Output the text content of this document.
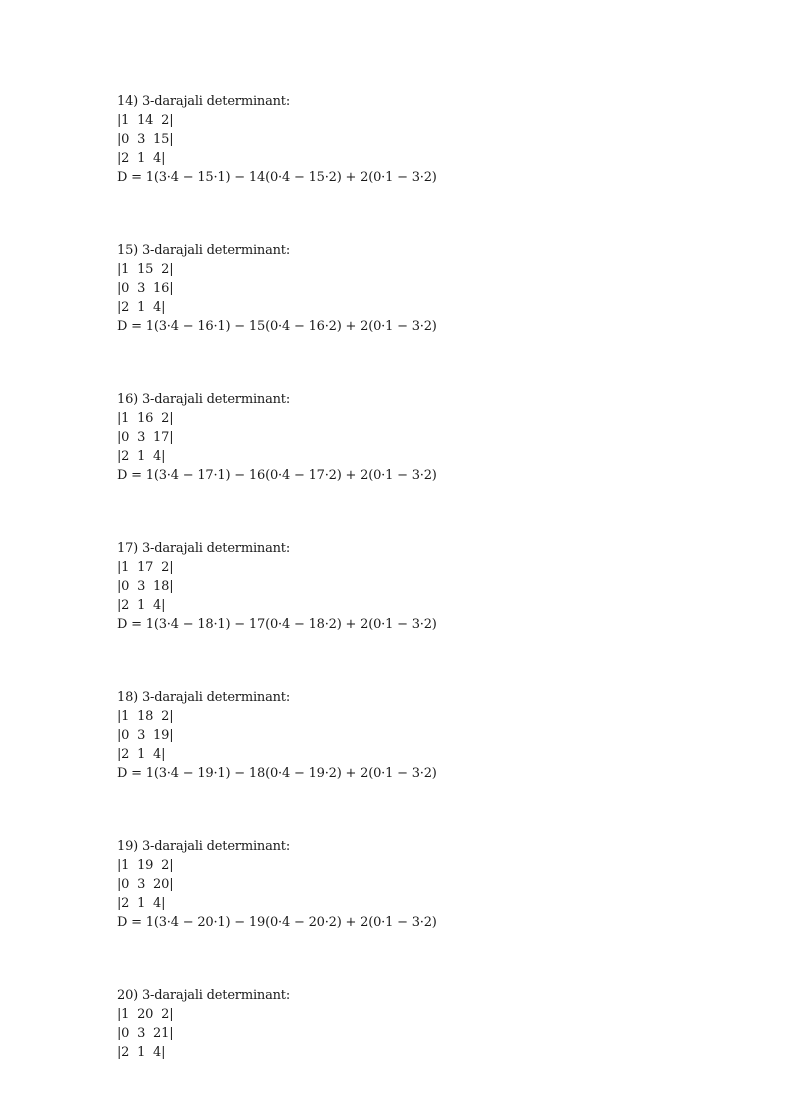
14) 3-darajali determinant:
|1  14  2|
|0  3  15|
|2  1  4|
D = 1(3·4 − 15·1) − 14(0·4 − 15·2) + 2(0·1 − 3·2)
15) 3-darajali determinant:
|1  15  2|
|0  3  16|
|2  1  4|
D = 1(3·4 − 16·1) − 15(0·4 − 16·2) + 2(0·1 − 3·2)
16) 3-darajali determinant:
|1  16  2|
|0  3  17|
|2  1  4|
D = 1(3·4 − 17·1) − 16(0·4 − 17·2) + 2(0·1 − 3·2)
17) 3-darajali determinant:
|1  17  2|
|0  3  18|
|2  1  4|
D = 1(3·4 − 18·1) − 17(0·4 − 18·2) + 2(0·1 − 3·2)
18) 3-darajali determinant:
|1  18  2|
|0  3  19|
|2  1  4|
D = 1(3·4 − 19·1) − 18(0·4 − 19·2) + 2(0·1 − 3·2)
19) 3-darajali determinant:
|1  19  2|
|0  3  20|
|2  1  4|
D = 1(3·4 − 20·1) − 19(0·4 − 20·2) + 2(0·1 − 3·2)
20) 3-darajali determinant:
|1  20  2|
|0  3  21|
|2  1  4|
